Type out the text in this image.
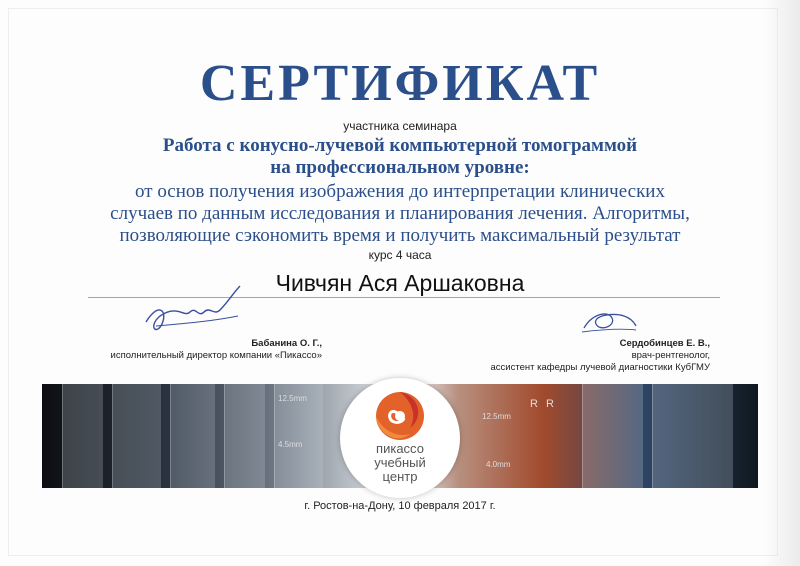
СЕРТИФИКАТ
участника семинара
Работа с конусно-лучевой компьютерной томограммой
на профессиональном уровне:
от основ получения изображения до интерпретации клинических
случаев по данным исследования и планирования лечения. Алгоритмы,
позволяющие сэкономить время и получить максимальный результат
курс 4 часа
Чивчян Ася Аршаковна
Бабанина О. Г.,
исполнительный директор компании «Пикассо»
Сердобинцев Е. В.,
врач-рентгенолог,
ассистент кафедры лучевой диагностики КубГМУ
12.5mm
4.5mm
12.5mm
4.0mm
R R
пикассо
учебный
центр
г. Ростов-на-Дону, 10 февраля 2017 г.
